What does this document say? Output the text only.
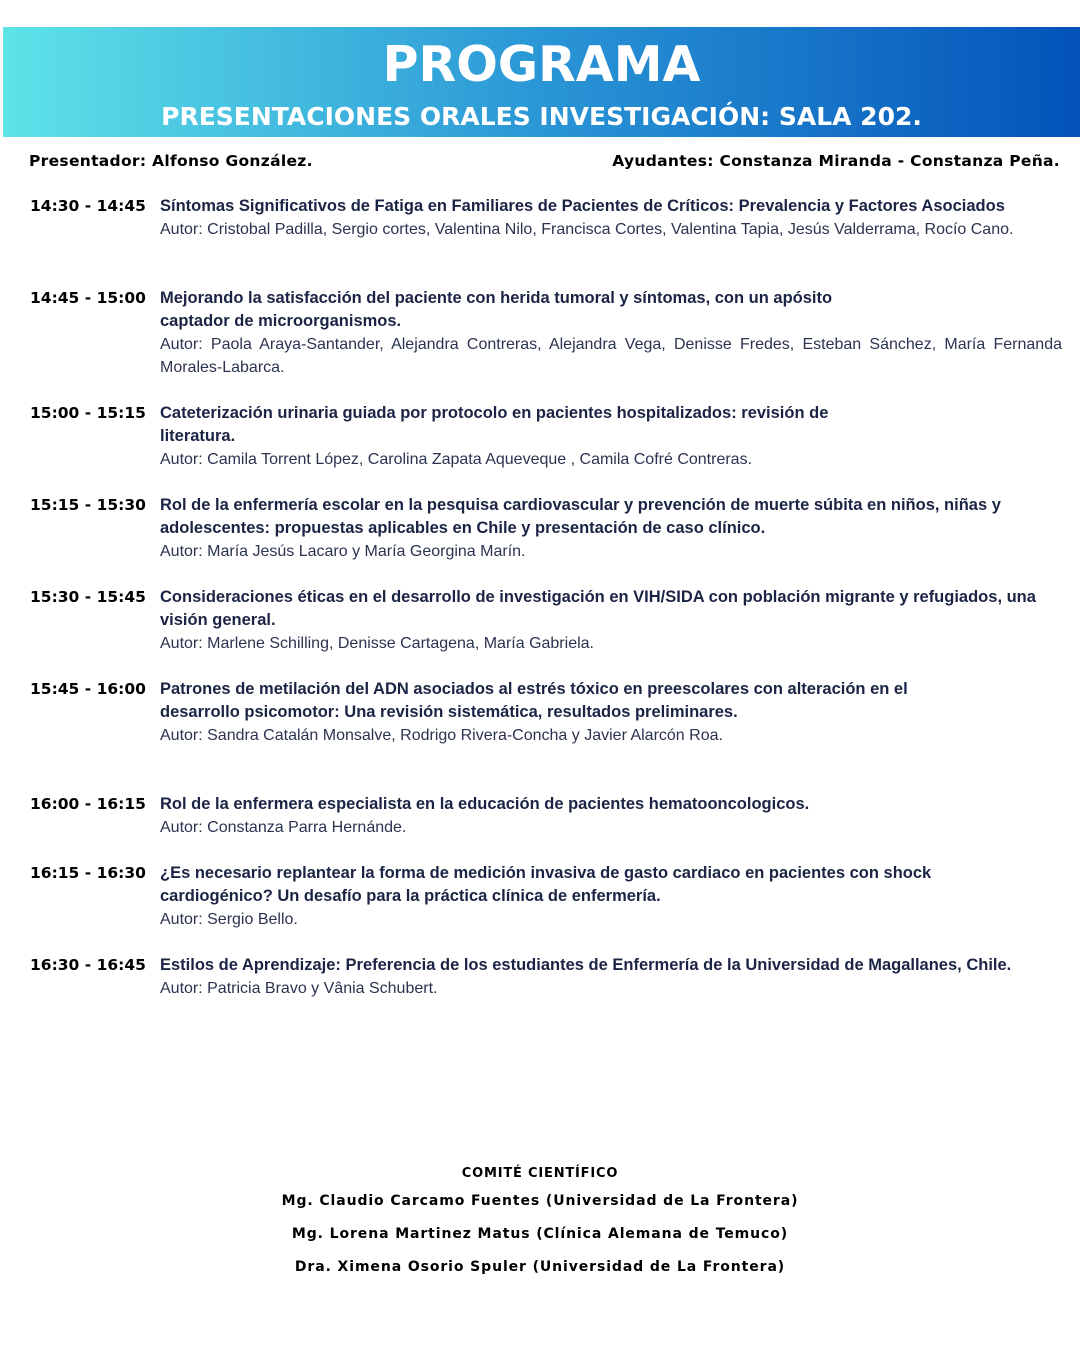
PROGRAMA
PRESENTACIONES ORALES INVESTIGACIÓN: SALA 202.
Presentador: Alfonso González.	Ayudantes: Constanza Miranda - Constanza Peña.
14:30 - 14:45 Síntomas Significativos de Fatiga en Familiares de Pacientes de Críticos: Prevalencia y Factores Asociados
Autor: Cristobal Padilla, Sergio cortes, Valentina Nilo, Francisca Cortes, Valentina Tapia, Jesús Valderrama, Rocío Cano.
14:45 - 15:00 Mejorando la satisfacción del paciente con herida tumoral y síntomas, con un apósito captador de microorganismos.
Autor: Paola Araya-Santander, Alejandra Contreras, Alejandra Vega, Denisse Fredes, Esteban Sánchez, María Fernanda Morales-Labarca.
15:00 - 15:15 Cateterización urinaria guiada por protocolo en pacientes hospitalizados: revisión de literatura.
Autor: Camila Torrent López, Carolina Zapata Aqueveque , Camila Cofré Contreras.
15:15 - 15:30 Rol de la enfermería escolar en la pesquisa cardiovascular y prevención de muerte súbita en niños, niñas y adolescentes: propuestas aplicables en Chile y presentación de caso clínico.
Autor: María Jesús Lacaro y María Georgina Marín.
15:30 - 15:45 Consideraciones éticas en el desarrollo de investigación en VIH/SIDA con población migrante y refugiados, una visión general.
Autor: Marlene Schilling, Denisse Cartagena, María Gabriela.
15:45 - 16:00 Patrones de metilación del ADN asociados al estrés tóxico en preescolares con alteración en el desarrollo psicomotor: Una revisión sistemática, resultados preliminares.
Autor: Sandra Catalán Monsalve, Rodrigo Rivera-Concha y Javier Alarcón Roa.
16:00 - 16:15 Rol de la enfermera especialista en la educación de pacientes hematooncologicos.
Autor: Constanza Parra Hernánde.
16:15 - 16:30 ¿Es necesario replantear la forma de medición invasiva de gasto cardiaco en pacientes con shock cardiogénico? Un desafío para la práctica clínica de enfermería.
Autor: Sergio Bello.
16:30 - 16:45 Estilos de Aprendizaje: Preferencia de los estudiantes de Enfermería de la Universidad de Magallanes, Chile.
Autor: Patricia Bravo y Vânia Schubert.
COMITÉ CIENTÍFICO
Mg. Claudio Carcamo Fuentes (Universidad de La Frontera)
Mg. Lorena Martinez Matus (Clínica Alemana de Temuco)
Dra. Ximena Osorio Spuler (Universidad de La Frontera)
